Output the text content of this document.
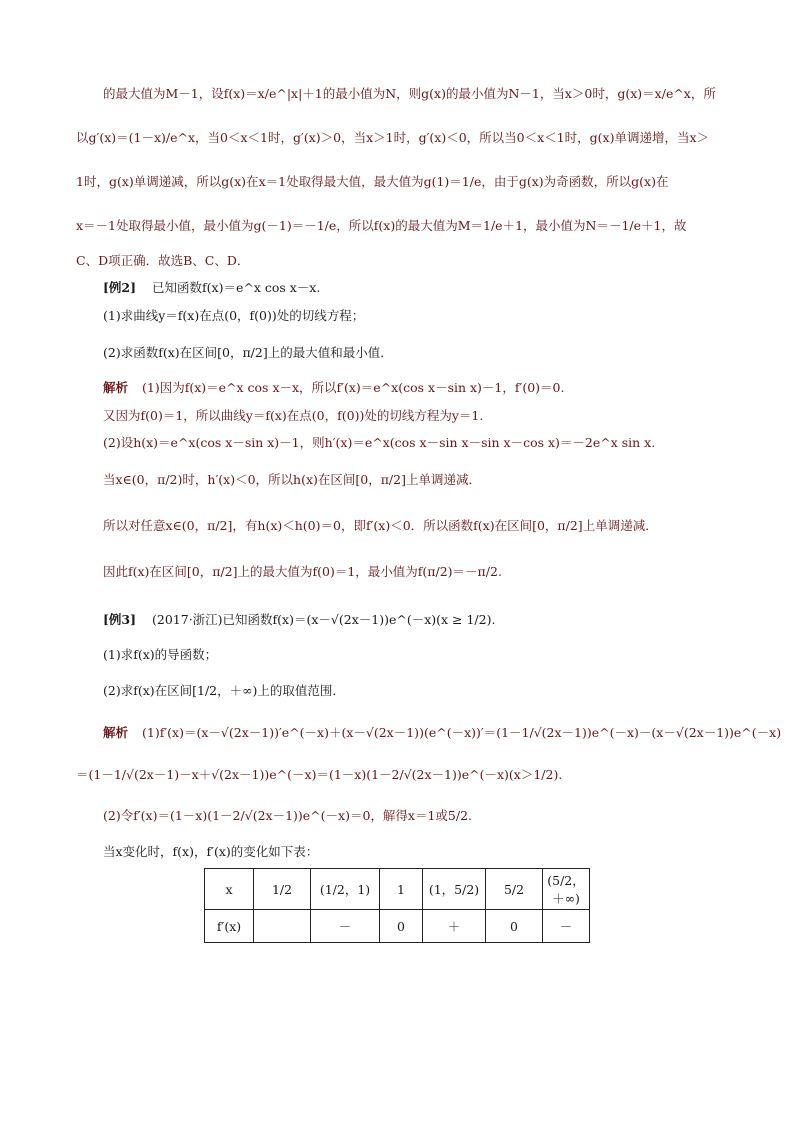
的最大值为M－1，设f(x)＝x/e^|x|＋1的最小值为N，则g(x)的最小值为N－1，当x＞0时，g(x)＝x/e^x，所
以g′(x)＝(1－x)/e^x，当0＜x＜1时，g′(x)＞0，当x＞1时，g′(x)＜0，所以当0＜x＜1时，g(x)单调递增，当x＞
1时，g(x)单调递减，所以g(x)在x＝1处取得最大值，最大值为g(1)＝1/e，由于g(x)为奇函数，所以g(x)在
x＝－1处取得最小值，最小值为g(－1)＝－1/e，所以f(x)的最大值为M＝1/e＋1，最小值为N＝－1/e＋1，故
C、D项正确．故选B、C、D．
[例2] 已知函数f(x)＝e^x cos x－x.
(1)求曲线y＝f(x)在点(0，f(0))处的切线方程；
(2)求函数f(x)在区间[0，π/2]上的最大值和最小值．
解析 (1)因为f(x)＝e^x cos x－x，所以f′(x)＝e^x(cos x－sin x)－1，f′(0)＝0.
又因为f(0)＝1，所以曲线y＝f(x)在点(0，f(0))处的切线方程为y＝1.
(2)设h(x)＝e^x(cos x－sin x)－1，则h′(x)＝e^x(cos x－sin x－sin x－cos x)＝－2e^x sin x.
当x∈(0，π/2)时，h′(x)＜0，所以h(x)在区间[0，π/2]上单调递减．
所以对任意x∈(0，π/2]，有h(x)＜h(0)＝0，即f′(x)＜0．所以函数f(x)在区间[0，π/2]上单调递减．
因此f(x)在区间[0，π/2]上的最大值为f(0)＝1，最小值为f(π/2)＝－π/2.
[例3] (2017·浙江)已知函数f(x)＝(x－√(2x－1))e^(－x)(x ≥ 1/2).
(1)求f(x)的导函数；
(2)求f(x)在区间[1/2，＋∞)上的取值范围．
解析 (1)f′(x)＝(x－√(2x－1))′e^(－x)＋(x－√(2x－1))(e^(－x))′＝(1－1/√(2x－1))e^(－x)－(x－√(2x－1))e^(－x)
＝(1－1/√(2x－1)－x＋√(2x－1))e^(－x)＝(1－x)(1－2/√(2x－1))e^(－x)(x＞1/2).
(2)令f′(x)＝(1－x)(1－2/√(2x－1))e^(－x)＝0，解得x＝1或5/2.
当x变化时，f(x)，f′(x)的变化如下表：
x	1/2	(1/2，1)	1	(1，5/2)	5/2	(5/2，＋∞)
f′(x)		－	0	＋	0	－
